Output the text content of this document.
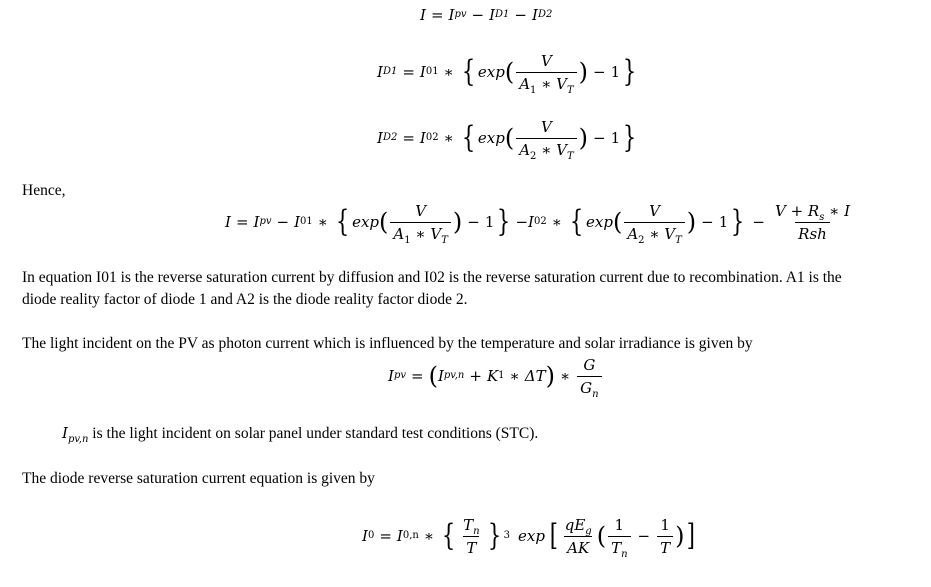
I = I pv − I D1 − I D2
I D1 = I 01 ∗ { exp ( $\frac{V}{A_1 ∗ V_T}$ ) − 1 }
I D2 = I 02 ∗ { exp ( $\frac{V}{A_2 ∗ V_T}$ ) − 1 }
Hence,
I = I pv − I 01 ∗ { exp ( $\frac{V}{A_1 ∗ V_T}$ ) − 1 } − I 02 ∗ { exp ( $\frac{V}{A_2 ∗ V_T}$ ) − 1 } − $\frac{V + R_s ∗ I}{\text{Rsh}}$
In equation I01 is the reverse saturation current by diffusion and I02 is the reverse saturation current due to recombination. A1 is the
diode reality factor of diode 1 and A2 is the diode reality factor diode 2.
The light incident on the PV as photon current which is influenced by the temperature and solar irradiance is given by
I pv = ( I pv,n + K 1 ∗ ΔT ) ∗ $\frac{G}{G_n}$
$I_{pv,n}$ is the light incident on solar panel under standard test conditions (STC).
The diode reverse saturation current equation is given by
I 0 = I 0,n ∗ { $\frac{T_n}{T}$ } 3 exp [ $\frac{qE_g}{AK}$ ( $\frac{1}{T_n} - \frac{1}{T}$ ) ]
